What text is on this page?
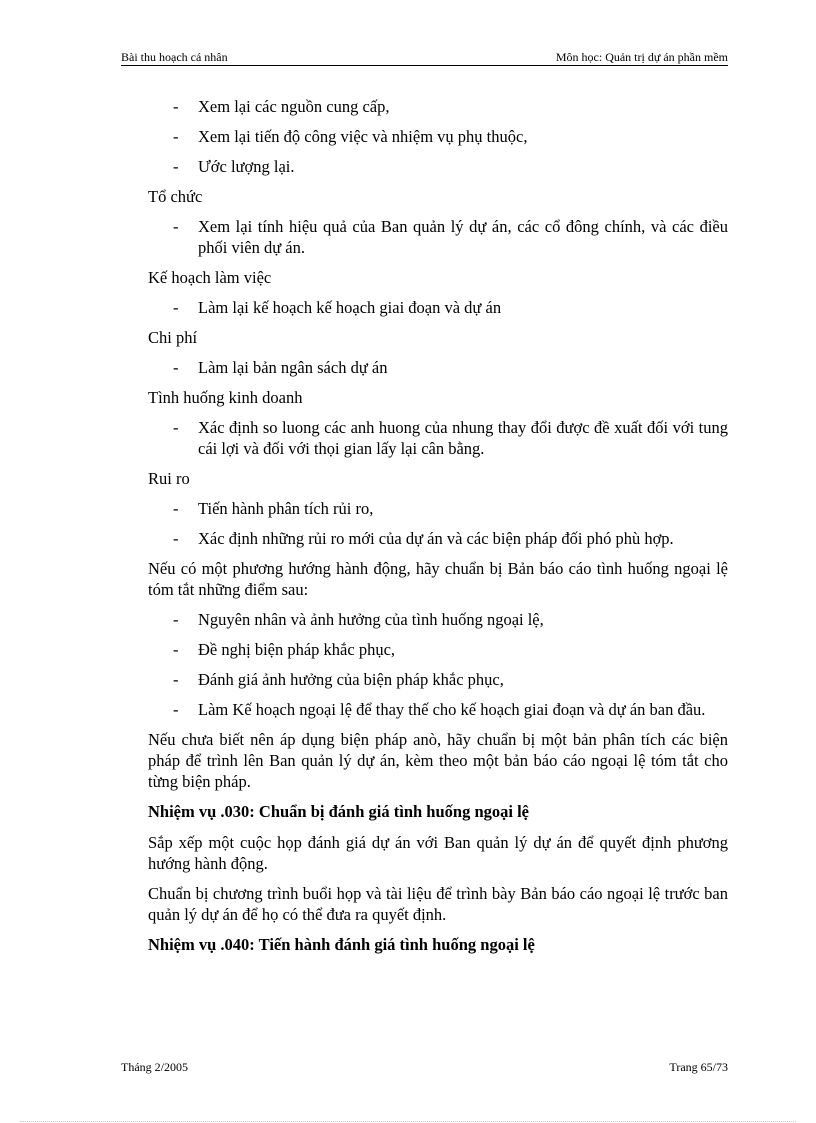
Bài thu hoạch cá nhân	Môn học: Quản trị dự án phần mềm
- Xem lại các nguồn cung cấp,
- Xem lại tiến độ công việc và nhiệm vụ phụ thuộc,
- Ước lượng lại.
Tổ chức
- Xem lại tính hiệu quả của Ban quản lý dự án, các cổ đông chính, và các điều phối viên dự án.
Kế hoạch làm việc
- Làm lại kế hoạch kế hoạch giai đoạn và dự án
Chi phí
- Làm lại bản ngân sách dự án
Tình huống kinh doanh
- Xác định so luong các anh huong của nhung thay đổi được đề xuất đối với tung cái lợi và đối với thọi gian lấy lại cân bằng.
Rui ro
- Tiến hành phân tích rủi ro,
- Xác định những rủi ro mới của dự án và các biện pháp đối phó phù hợp.
Nếu có một phương hướng hành động, hãy chuẩn bị Bản báo cáo tình huống ngoại lệ tóm tắt những điểm sau:
- Nguyên nhân và ảnh hưởng của tình huống ngoại lệ,
- Đề nghị biện pháp khắc phục,
- Đánh giá ảnh hưởng của biện pháp khắc phục,
- Làm Kế hoạch ngoại lệ để thay thế cho kế hoạch giai đoạn và dự án ban đầu.
Nếu chưa biết nên áp dụng biện pháp anò, hãy chuẩn bị một bản phân tích các biện pháp để trình lên Ban quản lý dự án, kèm theo một bản báo cáo ngoại lệ tóm tắt cho từng biện pháp.
Nhiệm vụ .030: Chuẩn bị đánh giá tình huống ngoại lệ
Sắp xếp một cuộc họp đánh giá dự án với Ban quản lý dự án để quyết định phương hướng hành động.
Chuẩn bị chương trình buổi họp và tài liệu để trình bày Bản báo cáo ngoại lệ trước ban quản lý dự án để họ có thể đưa ra quyết định.
Nhiệm vụ .040: Tiến hành đánh giá tình huống ngoại lệ
Tháng 2/2005	Trang 65/73
